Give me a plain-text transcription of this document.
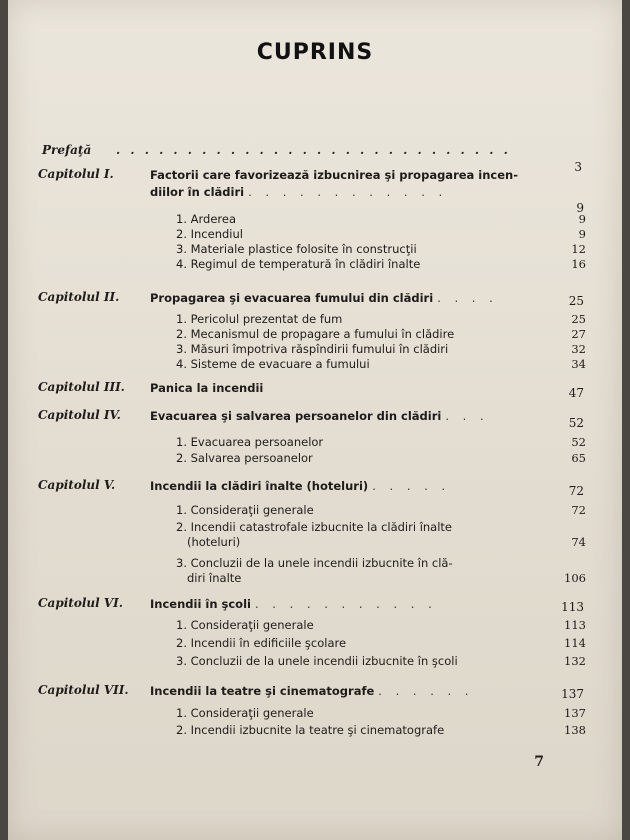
CUPRINS
Prefaţă . . . . . . . . . . . . . . . . . . . . . . . . . . . .
3
Capitolul I.	Factorii care favorizează izbucnirea şi propagarea incen-
diilor în clădiri . . . . . . . . . . . .
9
1. Arderea	9
2. Incendiul	9
3. Materiale plastice folosite în construcţii	12
4. Regimul de temperatură în clădiri înalte	16
Capitolul II.	Propagarea şi evacuarea fumului din clădiri . . . .	25
1. Pericolul prezentat de fum	25
2. Mecanismul de propagare a fumului în clădire	27
3. Măsuri împotriva răspîndirii fumului în clădiri	32
4. Sisteme de evacuare a fumului	34
Capitolul III. Panica la incendii	47
Capitolul IV.	Evacuarea şi salvarea persoanelor din clădiri . . .	52
1. Evacuarea persoanelor	52
2. Salvarea persoanelor	65
Capitolul V.	Incendii la clădiri înalte (hoteluri) . . . . .	72
1. Consideraţii generale	72
2. Incendii catastrofale izbucnite la clădiri înalte
(hoteluri)	74
3. Concluzii de la unele incendii izbucnite în clă-
diri înalte	106
Capitolul VI. Incendii în şcoli . . . . . . . . . . .	113
1. Consideraţii generale	113
2. Incendii în edificiile şcolare	114
3. Concluzii de la unele incendii izbucnite în şcoli	132
Capitolul VII. Incendii la teatre şi cinematografe . . . . . .	137
1. Consideraţii generale	137
2. Incendii izbucnite la teatre şi cinematografe	138
7
